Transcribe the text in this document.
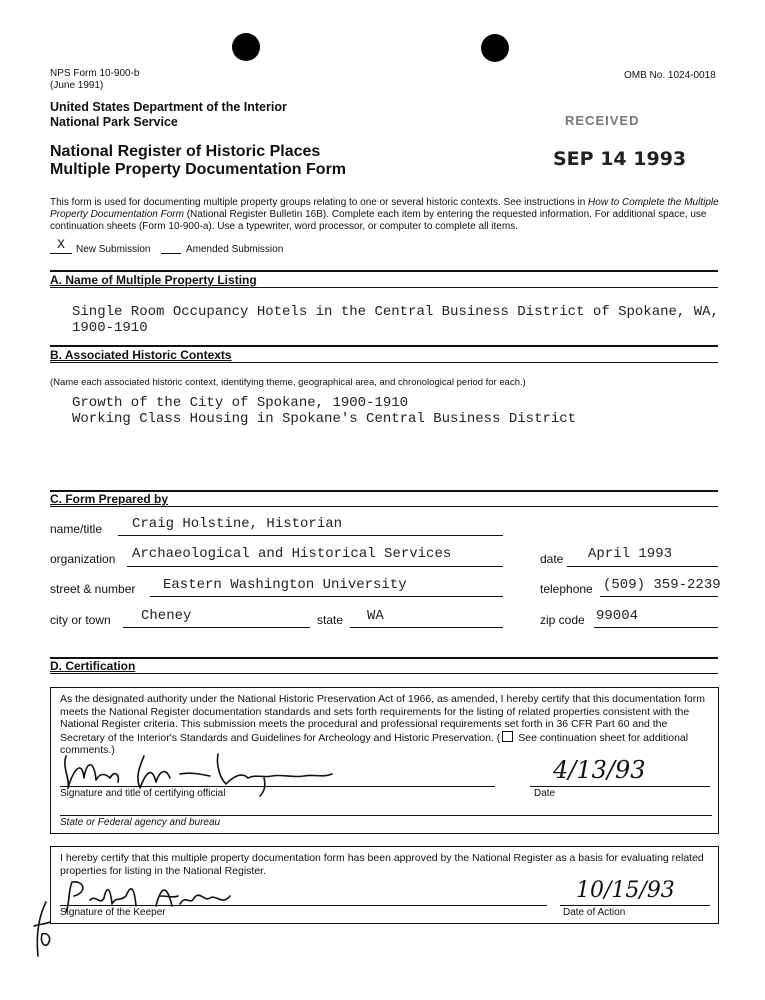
NPS Form 10-900-b
(June 1991)
OMB No. 1024-0018
United States Department of the Interior
National Park Service
National Register of Historic Places
Multiple Property Documentation Form
RECEIVED
SEP 14 1993
This form is used for documenting multiple property groups relating to one or several historic contexts. See instructions in How to Complete the Multiple Property Documentation Form (National Register Bulletin 16B). Complete each item by entering the requested information. For additional space, use continuation sheets (Form 10-900-a). Use a typewriter, word processor, or computer to complete all items.
X	New Submission	Amended Submission
A. Name of Multiple Property Listing
Single Room Occupancy Hotels in the Central Business District of Spokane, WA,
1900-1910
B. Associated Historic Contexts
(Name each associated historic context, identifying theme, geographical area, and chronological period for each.)
Growth of the City of Spokane, 1900-1910
Working Class Housing in Spokane's Central Business District
C. Form Prepared by
name/title Craig Holstine, Historian
organization Archaeological and Historical Services	date April 1993
street & number Eastern Washington University	telephone (509) 359-2239
city or town Cheney	state WA	zip code 99004
D. Certification
As the designated authority under the National Historic Preservation Act of 1966, as amended, I hereby certify that this documentation form meets the National Register documentation standards and sets forth requirements for the listing of related properties consistent with the National Register criteria. This submission meets the procedural and professional requirements set forth in 36 CFR Part 60 and the Secretary of the Interior's Standards and Guidelines for Archeology and Historic Preservation. ( See continuation sheet for additional comments.)
Signature and title of certifying official
4/13/93
Date
State or Federal agency and bureau
I hereby certify that this multiple property documentation form has been approved by the National Register as a basis for evaluating related properties for listing in the National Register.
Signature of the Keeper
10/15/93
Date of Action
